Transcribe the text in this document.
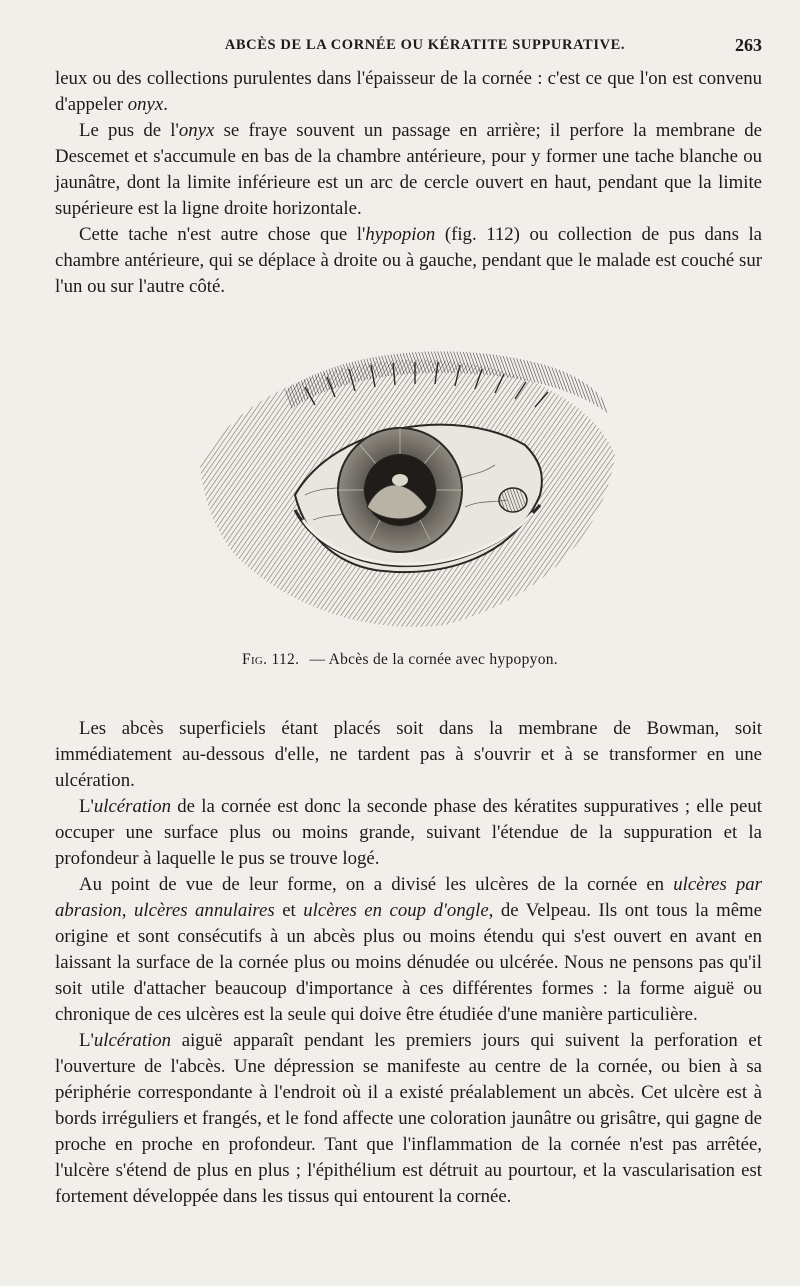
ABCÈS DE LA CORNÉE OU KÉRATITE SUPPURATIVE.	263

leux ou des collections purulentes dans l'épaisseur de la cornée : c'est ce que l'on est convenu d'appeler onyx.

Le pus de l'onyx se fraye souvent un passage en arrière; il perfore la membrane de Descemet et s'accumule en bas de la chambre antérieure, pour y former une tache blanche ou jaunâtre, dont la limite inférieure est un arc de cercle ouvert en haut, pendant que la limite supérieure est la ligne droite horizontale.

Cette tache n'est autre chose que l'hypopion (fig. 112) ou collection de pus dans la chambre antérieure, qui se déplace à droite ou à gauche, pendant que le malade est couché sur l'un ou sur l'autre côté.

Fig. 112. — Abcès de la cornée avec hypopyon.

Les abcès superficiels étant placés soit dans la membrane de Bowman, soit immédiatement au-dessous d'elle, ne tardent pas à s'ouvrir et à se transformer en une ulcération.

L'ulcération de la cornée est donc la seconde phase des kératites suppuratives ; elle peut occuper une surface plus ou moins grande, suivant l'étendue de la suppuration et la profondeur à laquelle le pus se trouve logé.

Au point de vue de leur forme, on a divisé les ulcères de la cornée en ulcères par abrasion, ulcères annulaires et ulcères en coup d'ongle, de Velpeau. Ils ont tous la même origine et sont consécutifs à un abcès plus ou moins étendu qui s'est ouvert en avant en laissant la surface de la cornée plus ou moins dénudée ou ulcérée. Nous ne pensons pas qu'il soit utile d'attacher beaucoup d'importance à ces différentes formes : la forme aiguë ou chronique de ces ulcères est la seule qui doive être étudiée d'une manière particulière.

L'ulcération aiguë apparaît pendant les premiers jours qui suivent la perforation et l'ouverture de l'abcès. Une dépression se manifeste au centre de la cornée, ou bien à sa périphérie correspondante à l'endroit où il a existé préalablement un abcès. Cet ulcère est à bords irréguliers et frangés, et le fond affecte une coloration jaunâtre ou grisâtre, qui gagne de proche en proche en profondeur. Tant que l'inflammation de la cornée n'est pas arrêtée, l'ulcère s'étend de plus en plus ; l'épithélium est détruit au pourtour, et la vascularisation est fortement développée dans les tissus qui entourent la cornée.
